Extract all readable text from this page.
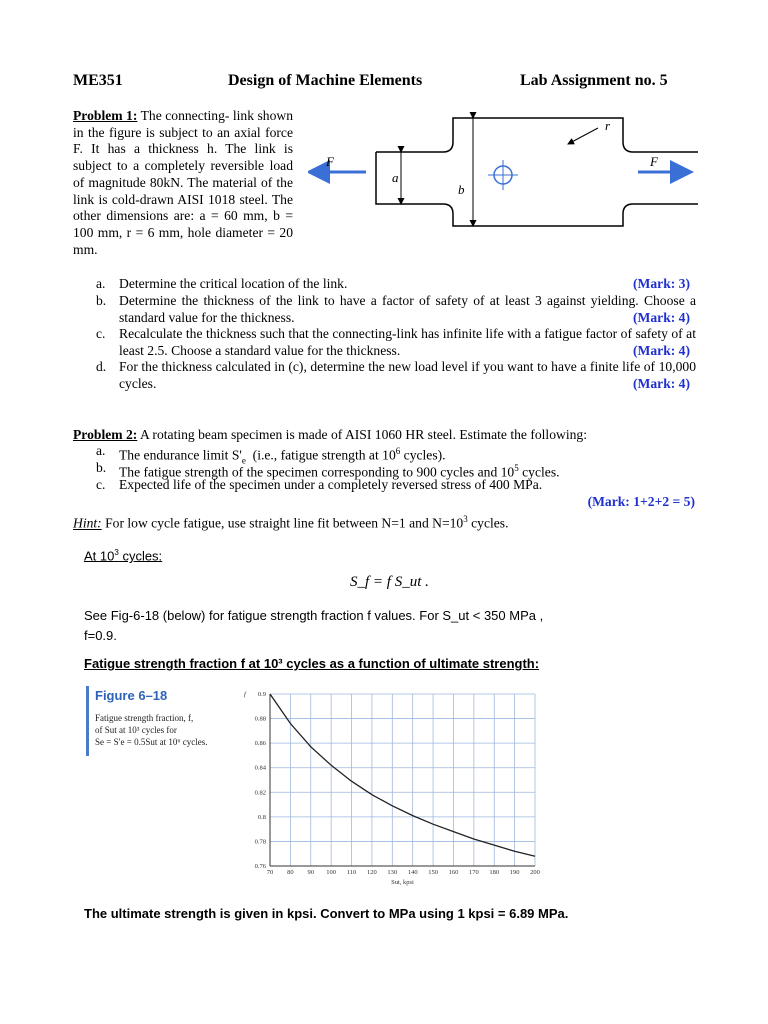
ME351	Design of Machine Elements	Lab Assignment no. 5
Problem 1: The connecting- link shown in the figure is subject to an axial force F. It has a thickness h. The link is subject to a completely reversible load of magnitude 80kN. The material of the link is cold-drawn AISI 1018 steel. The other dimensions are: a = 60 mm, b = 100 mm, r = 6 mm, hole diameter = 20 mm.
r
F	F
a
b
a. Determine the critical location of the link.	(Mark: 3)
b. Determine the thickness of the link to have a factor of safety of at least 3 against yielding. Choose a standard value for the thickness.	(Mark: 4)
c. Recalculate the thickness such that the connecting-link has infinite life with a fatigue factor of safety of at least 2.5. Choose a standard value for the thickness.	(Mark: 4)
d. For the thickness calculated in (c), determine the new load level if you want to have a finite life of 10,000 cycles.	(Mark: 4)
Problem 2: A rotating beam specimen is made of AISI 1060 HR steel. Estimate the following:
a. The endurance limit $S'_e$ (i.e., fatigue strength at $10^6$ cycles).
b. The fatigue strength of the specimen corresponding to 900 cycles and $10^5$ cycles.
c. Expected life of the specimen under a completely reversed stress of 400 MPa.
(Mark: 1+2+2 = 5)
Hint: For low cycle fatigue, use straight line fit between N=1 and $N=10^3$ cycles.
At $10^3$ cycles:
S_f = f S_ut .
See Fig-6-18 (below) for fatigue strength fraction f values. For S_ut < 350 MPa ,
f=0.9.
Fatigue strength fraction f at 10³ cycles as a function of ultimate strength:
Figure 6–18
Fatigue strength fraction, f,
of Sut at 10³ cycles for
Se = S′e = 0.5Sut at 10⁶ cycles.
70 80 90 100 110 120 130 140 150 160 170 180 190 200
0.76
0.78
0.8
0.82
0.84
0.86
0.88
0.9
f
Sut, kpsi
The ultimate strength is given in kpsi. Convert to MPa using 1 kpsi = 6.89 MPa.
